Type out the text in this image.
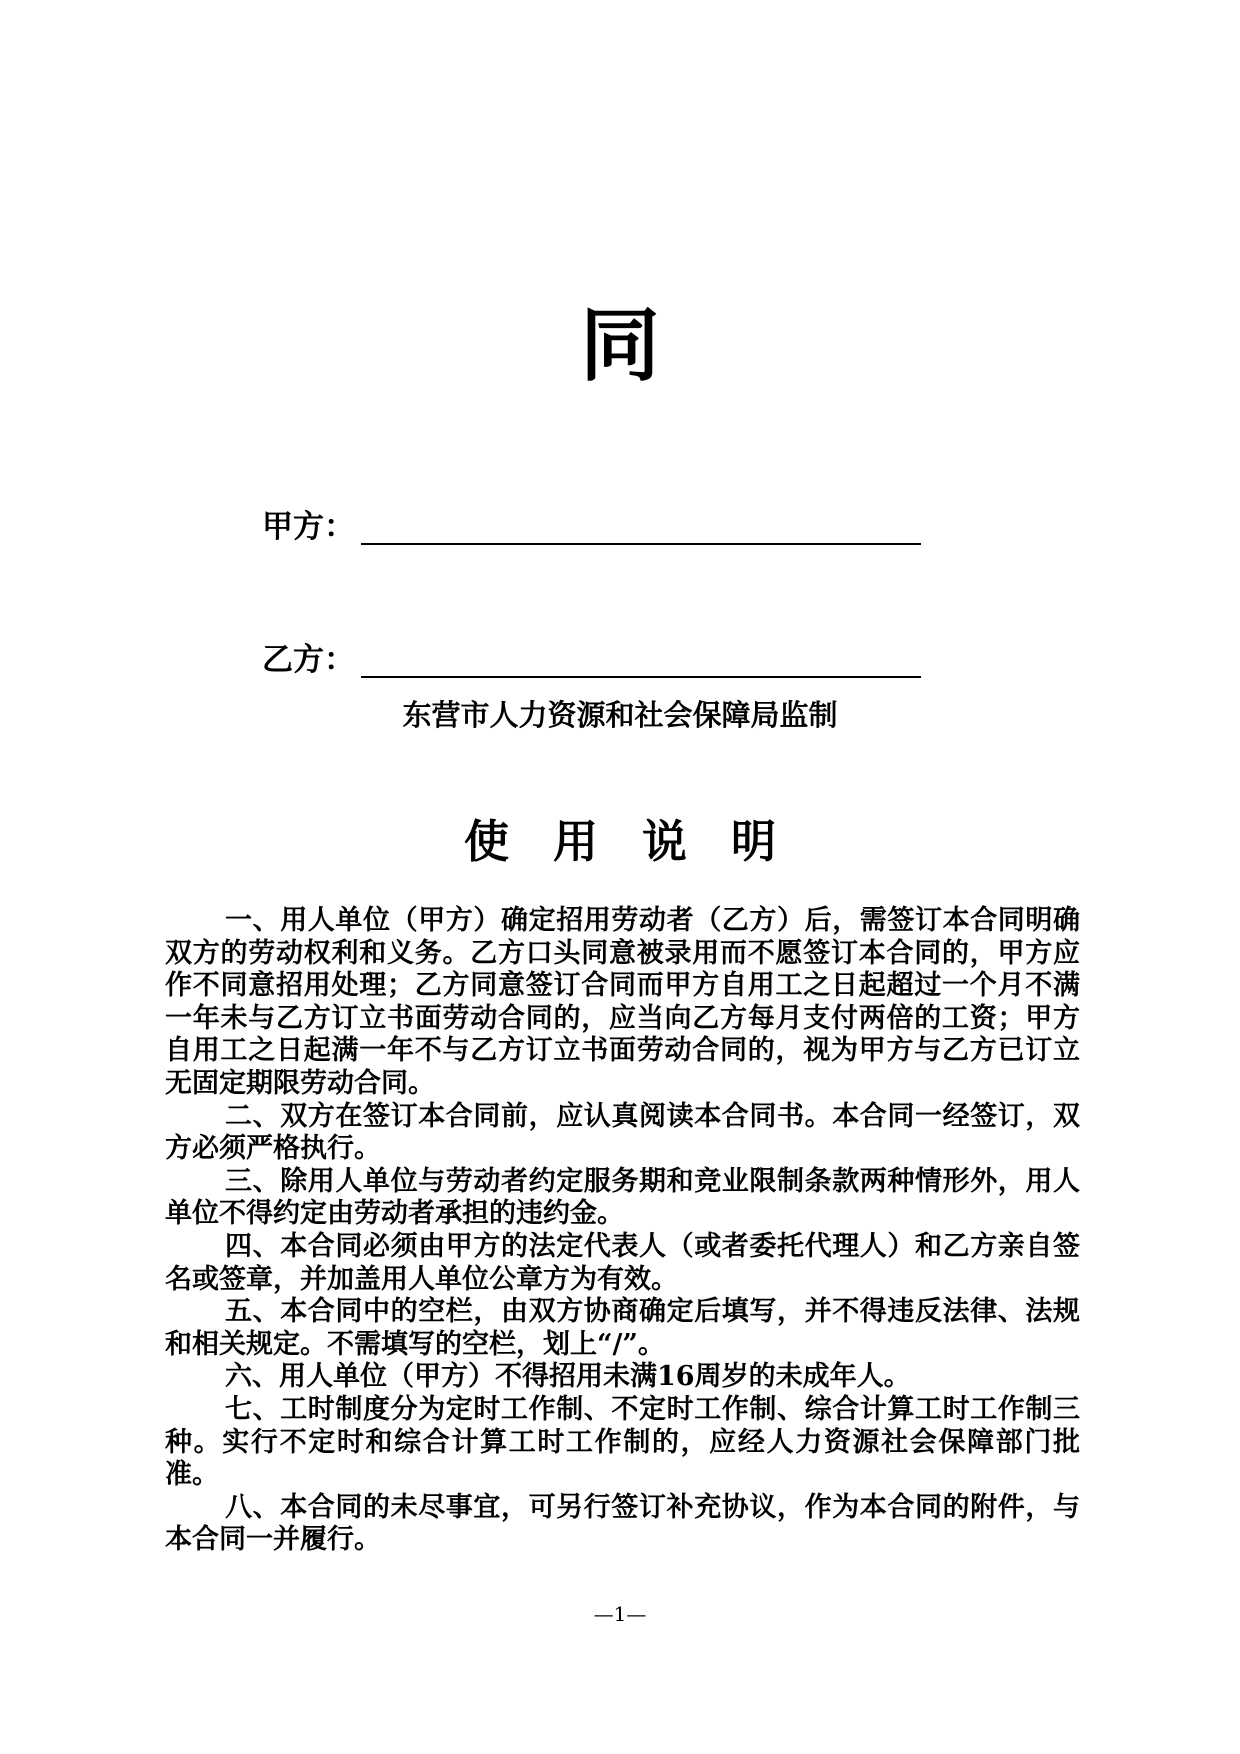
同
甲方：
乙方：
东营市人力资源和社会保障局监制
使用说明

一、用人单位（甲方）确定招用劳动者（乙方）后，需签订本合同明确双方的劳动权利和义务。乙方口头同意被录用而不愿签订本合同的，甲方应作不同意招用处理；乙方同意签订合同而甲方自用工之日起超过一个月不满一年未与乙方订立书面劳动合同的，应当向乙方每月支付两倍的工资；甲方自用工之日起满一年不与乙方订立书面劳动合同的，视为甲方与乙方已订立无固定期限劳动合同。

二、双方在签订本合同前，应认真阅读本合同书。本合同一经签订，双方必须严格执行。

三、除用人单位与劳动者约定服务期和竞业限制条款两种情形外，用人单位不得约定由劳动者承担的违约金。

四、本合同必须由甲方的法定代表人（或者委托代理人）和乙方亲自签名或签章，并加盖用人单位公章方为有效。

五、本合同中的空栏，由双方协商确定后填写，并不得违反法律、法规和相关规定。不需填写的空栏，划上“/”。

六、用人单位（甲方）不得招用未满16周岁的未成年人。

七、工时制度分为定时工作制、不定时工作制、综合计算工时工作制三种。实行不定时和综合计算工时工作制的，应经人力资源社会保障部门批准。

八、本合同的未尽事宜，可另行签订补充协议，作为本合同的附件，与本合同一并履行。

—1—
